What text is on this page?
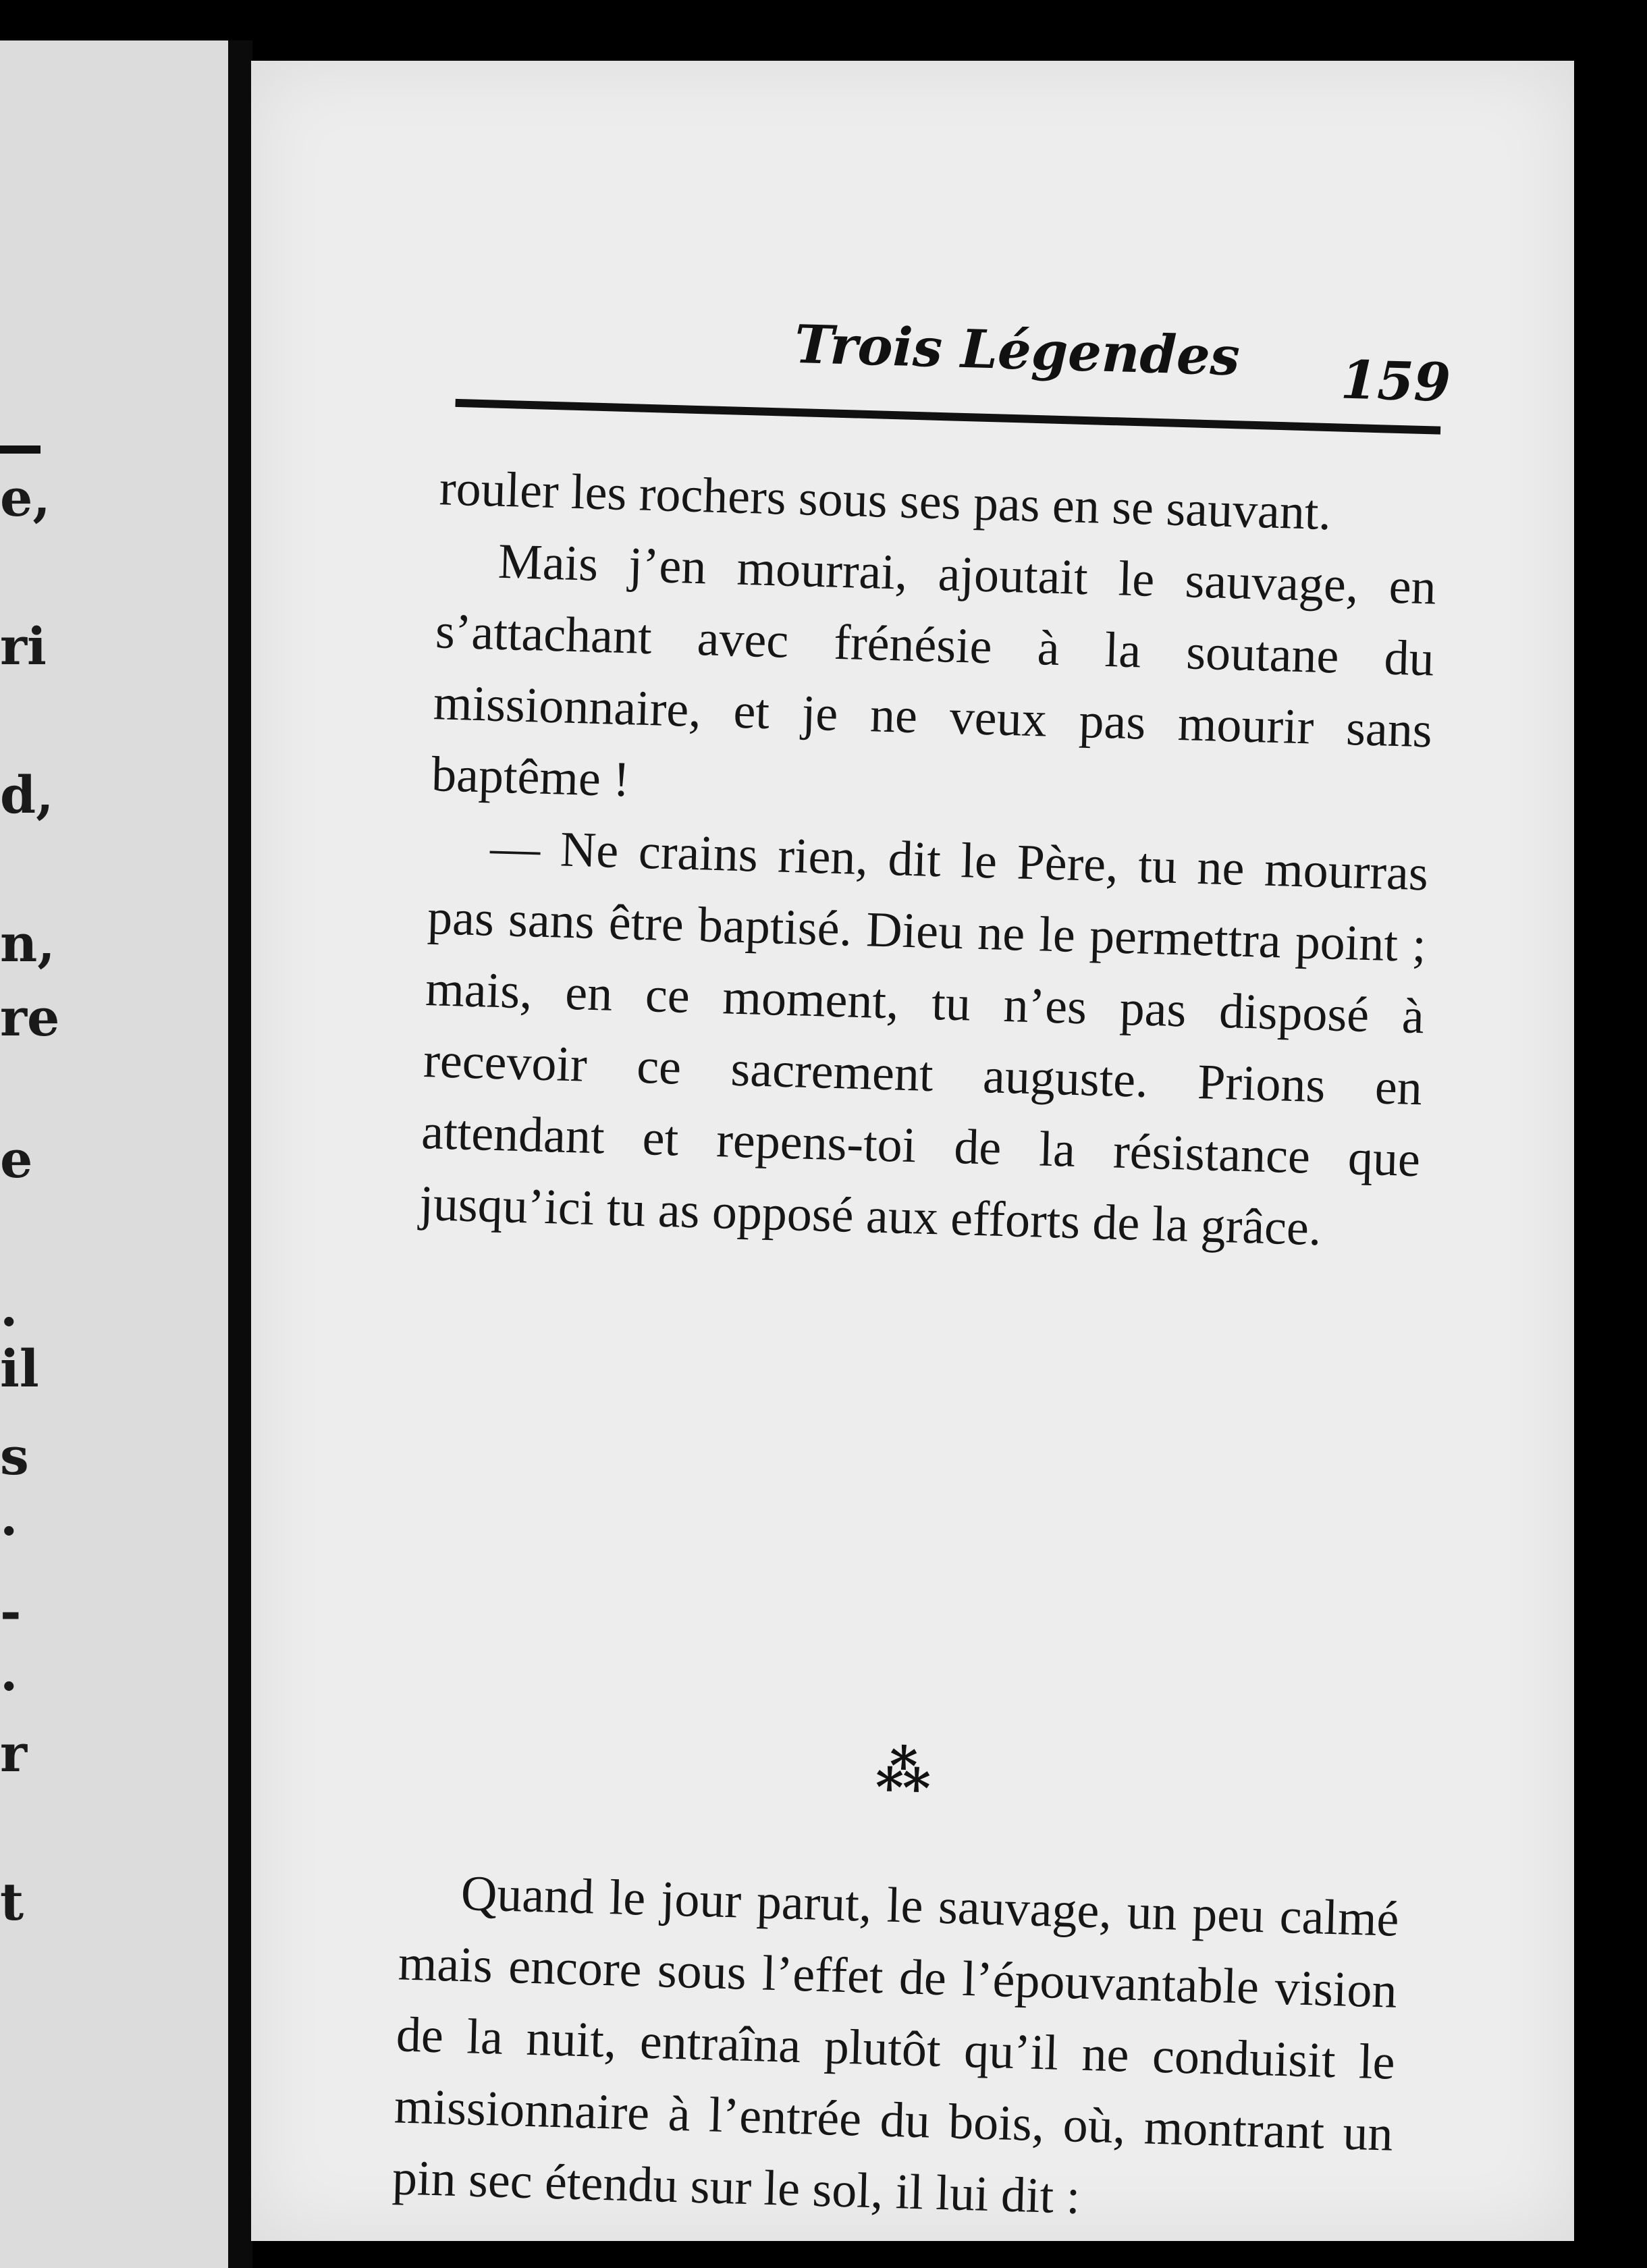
e,
ri
d,
n,
re
e
.
il
s
.
-
.
r
t
Trois Légendes 159

rouler les rochers sous ses pas en se sauvant.

Mais j’en mourrai, ajoutait le sauvage, en s’attachant avec frénésie à la soutane du missionnaire, et je ne veux pas mourir sans baptême !

— Ne crains rien, dit le Père, tu ne mourras pas sans être baptisé. Dieu ne le permettra point ; mais, en ce moment, tu n’es pas disposé à recevoir ce sacrement auguste. Prions en attendant et repens-toi de la résistance que jusqu’ici tu as opposé aux efforts de la grâce.

⁂

Quand le jour parut, le sauvage, un peu calmé mais encore sous l’effet de l’épouvantable vision de la nuit, entraîna plutôt qu’il ne conduisit le missionnaire à l’entrée du bois, où, montrant un pin sec étendu sur le sol, il lui dit :
